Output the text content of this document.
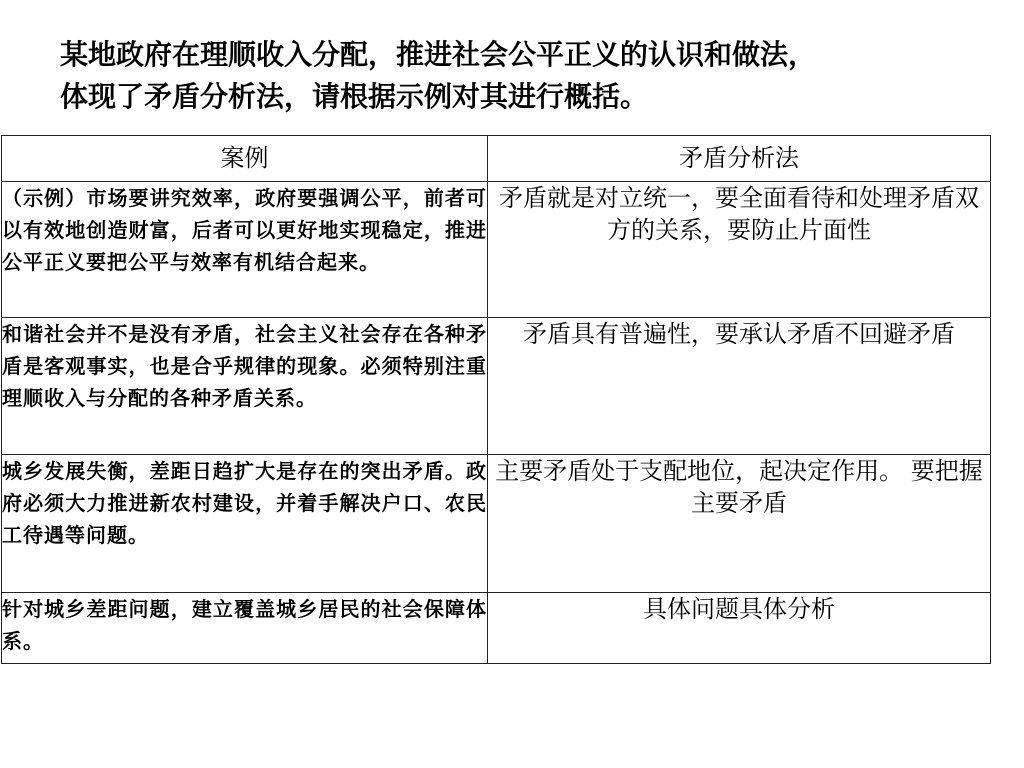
某地政府在理顺收入分配，推进社会公平正义的认识和做法，
体现了矛盾分析法，请根据示例对其进行概括。
案例	矛盾分析法
（示例）市场要讲究效率，政府要强调公平，前者可以有效地创造财富，后者可以更好地实现稳定，推进公平正义要把公平与效率有机结合起来。	矛盾就是对立统一，要全面看待和处理矛盾双方的关系，要防止片面性
和谐社会并不是没有矛盾，社会主义社会存在各种矛盾是客观事实，也是合乎规律的现象。必须特别注重理顺收入与分配的各种矛盾关系。	矛盾具有普遍性，要承认矛盾不回避矛盾
城乡发展失衡，差距日趋扩大是存在的突出矛盾。政府必须大力推进新农村建设，并着手解决户口、农民工待遇等问题。	主要矛盾处于支配地位，起决定作用。 要把握主要矛盾
针对城乡差距问题，建立覆盖城乡居民的社会保障体系。	具体问题具体分析
